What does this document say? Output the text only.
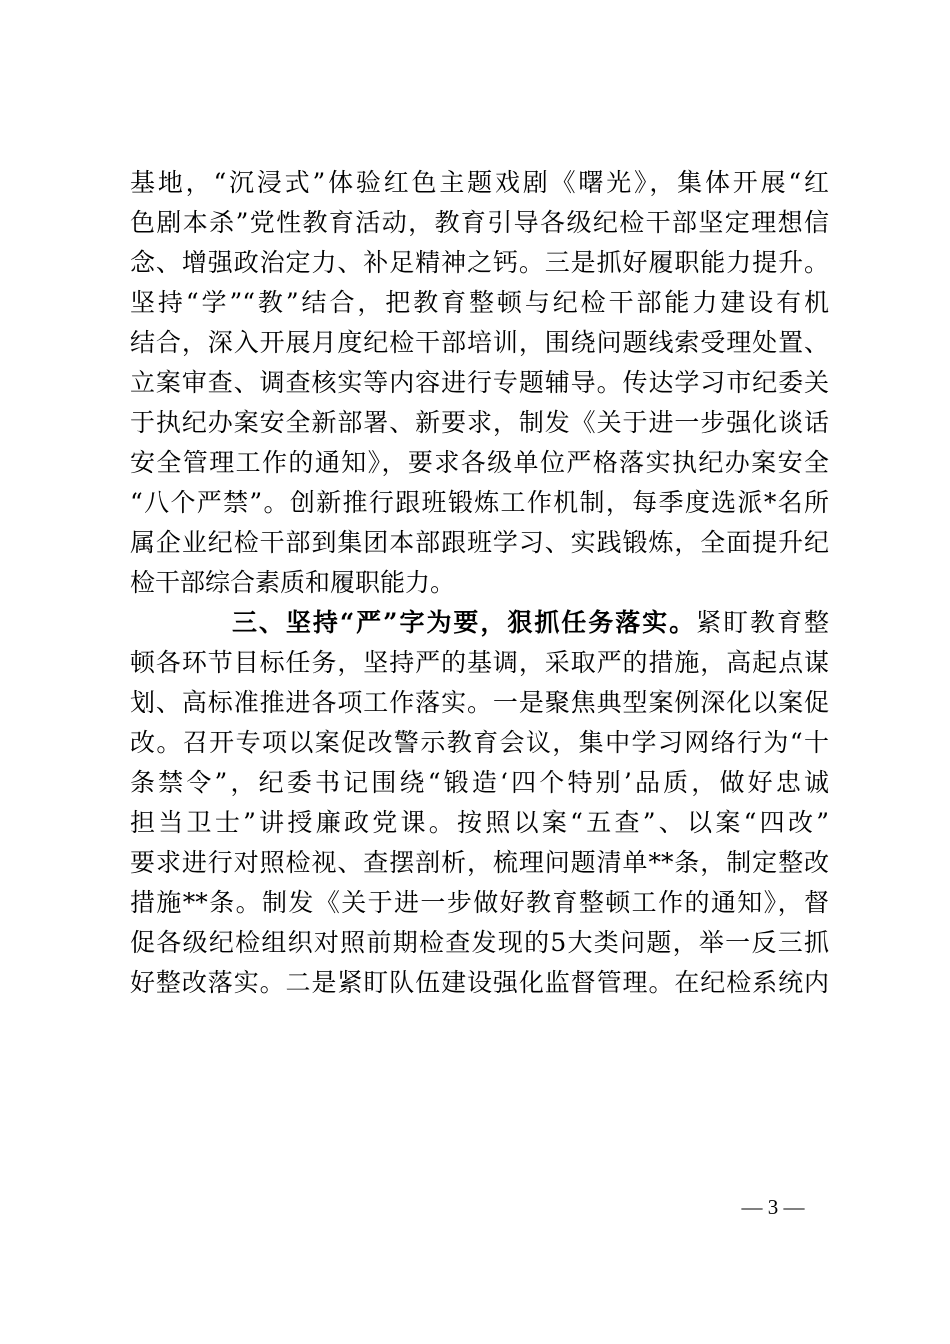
基地，“沉浸式”体验红色主题戏剧《曙光》，集体开展“红
色剧本杀”党性教育活动，教育引导各级纪检干部坚定理想信
念、增强政治定力、补足精神之钙。三是抓好履职能力提升。
坚持“学”“教”结合，把教育整顿与纪检干部能力建设有机
结合，深入开展月度纪检干部培训，围绕问题线索受理处置、
立案审查、调查核实等内容进行专题辅导。传达学习市纪委关
于执纪办案安全新部署、新要求，制发《关于进一步强化谈话
安全管理工作的通知》，要求各级单位严格落实执纪办案安全
“八个严禁”。创新推行跟班锻炼工作机制，每季度选派*名所
属企业纪检干部到集团本部跟班学习、实践锻炼，全面提升纪
检干部综合素质和履职能力。
三、坚持“严”字为要，狠抓任务落实。紧盯教育整
顿各环节目标任务，坚持严的基调，采取严的措施，高起点谋
划、高标准推进各项工作落实。一是聚焦典型案例深化以案促
改。召开专项以案促改警示教育会议，集中学习网络行为“十
条禁令”，纪委书记围绕“锻造‘四个特别’品质，做好忠诚
担当卫士”讲授廉政党课。按照以案“五查”、以案“四改”
要求进行对照检视、查摆剖析，梳理问题清单**条，制定整改
措施**条。制发《关于进一步做好教育整顿工作的通知》，督
促各级纪检组织对照前期检查发现的5大类问题，举一反三抓
好整改落实。二是紧盯队伍建设强化监督管理。在纪检系统内
— 3 —
